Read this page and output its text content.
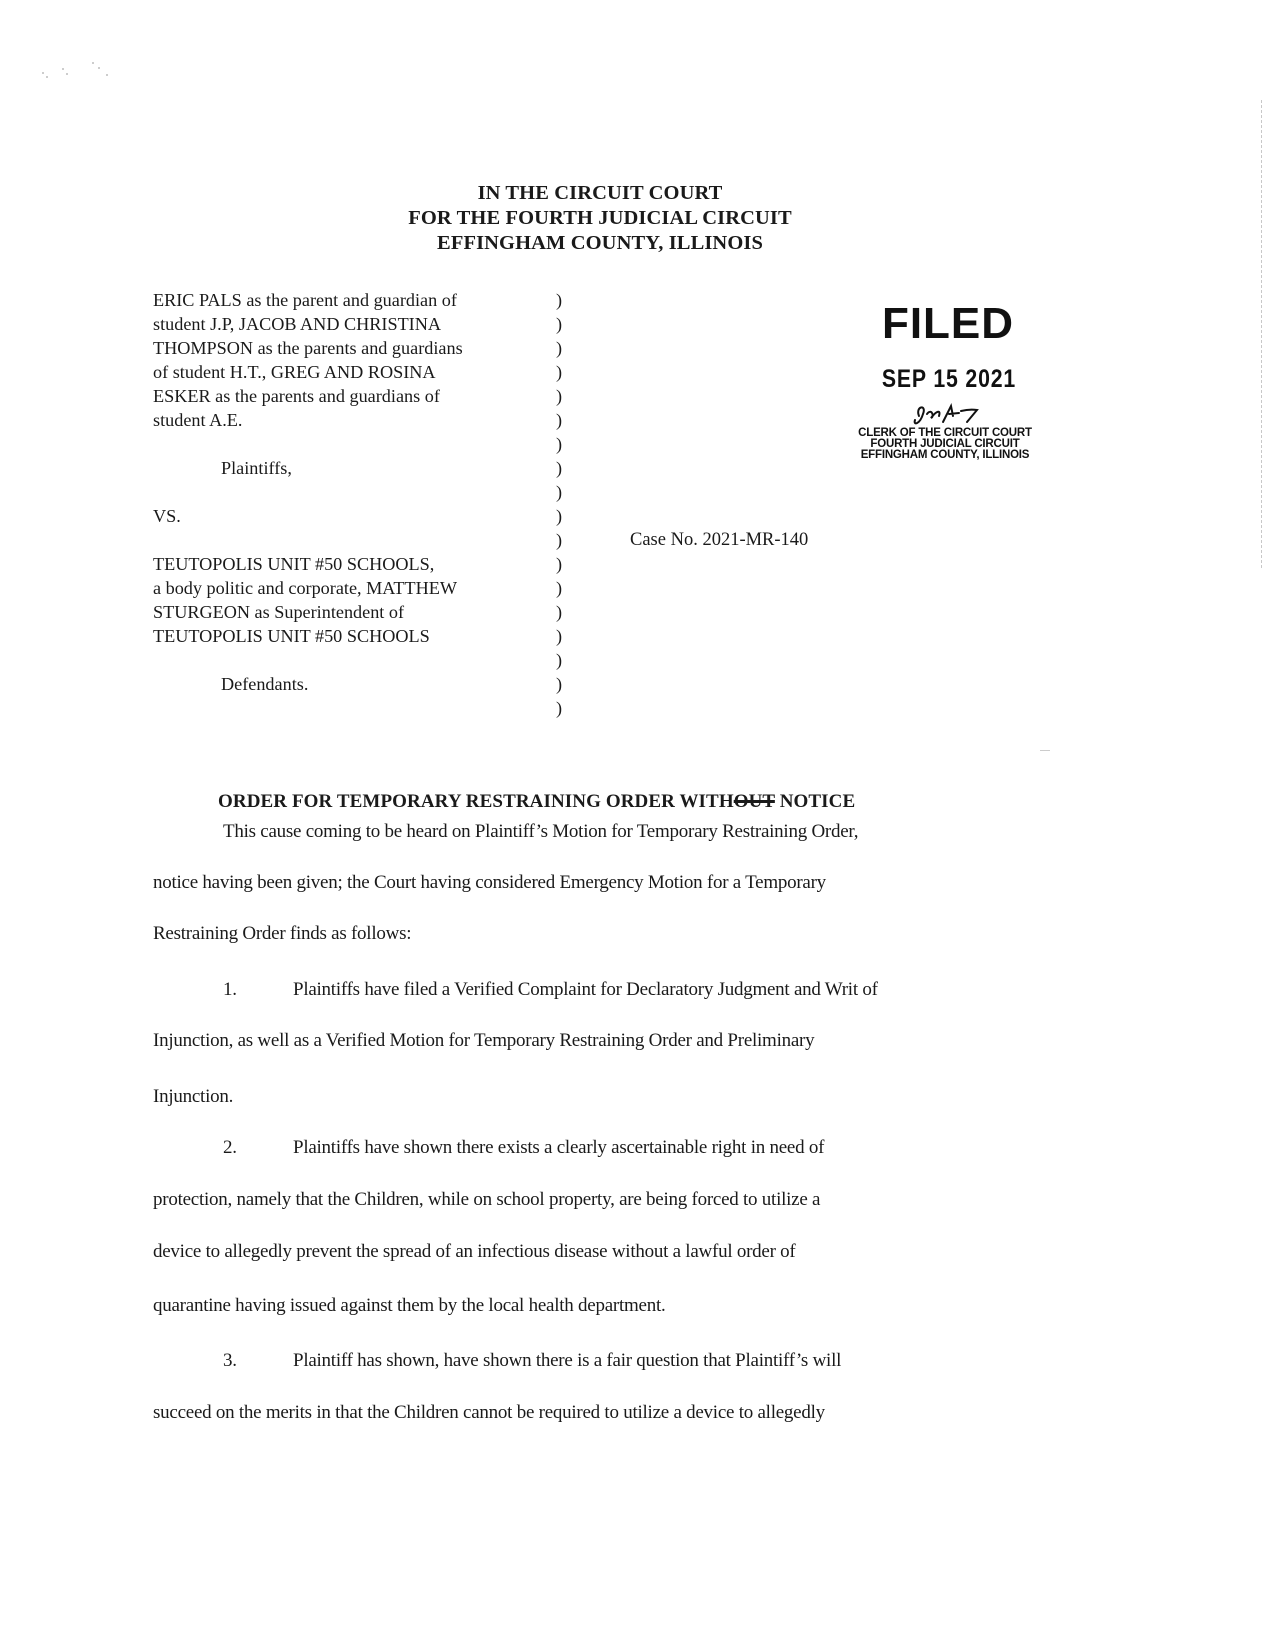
IN THE CIRCUIT COURT
FOR THE FOURTH JUDICIAL CIRCUIT
EFFINGHAM COUNTY, ILLINOIS
ERIC PALS as the parent and guardian of
student J.P, JACOB AND CHRISTINA
THOMPSON as the parents and guardians
of student H.T., GREG AND ROSINA
ESKER as the parents and guardians of
student A.E.
Plaintiffs,
VS.
TEUTOPOLIS UNIT #50 SCHOOLS,
a body politic and corporate, MATTHEW
STURGEON as Superintendent of
TEUTOPOLIS UNIT #50 SCHOOLS
Defendants.
)
)
)
)
)
)
)
)
)
)
)
)
)
)
)
)
)
)
Case No. 2021-MR-140
FILED
SEP 15 2021
CLERK OF THE CIRCUIT COURT
FOURTH JUDICIAL CIRCUIT
EFFINGHAM COUNTY, ILLINOIS
ORDER FOR TEMPORARY RESTRAINING ORDER WITHOUT NOTICE
This cause coming to be heard on Plaintiff’s Motion for Temporary Restraining Order,
notice having been given; the Court having considered Emergency Motion for a Temporary
Restraining Order finds as follows:
1.	Plaintiffs have filed a Verified Complaint for Declaratory Judgment and Writ of
Injunction, as well as a Verified Motion for Temporary Restraining Order and Preliminary
Injunction.
2.	Plaintiffs have shown there exists a clearly ascertainable right in need of
protection, namely that the Children, while on school property, are being forced to utilize a
device to allegedly prevent the spread of an infectious disease without a lawful order of
quarantine having issued against them by the local health department.
3.	Plaintiff has shown, have shown there is a fair question that Plaintiff’s will
succeed on the merits in that the Children cannot be required to utilize a device to allegedly
